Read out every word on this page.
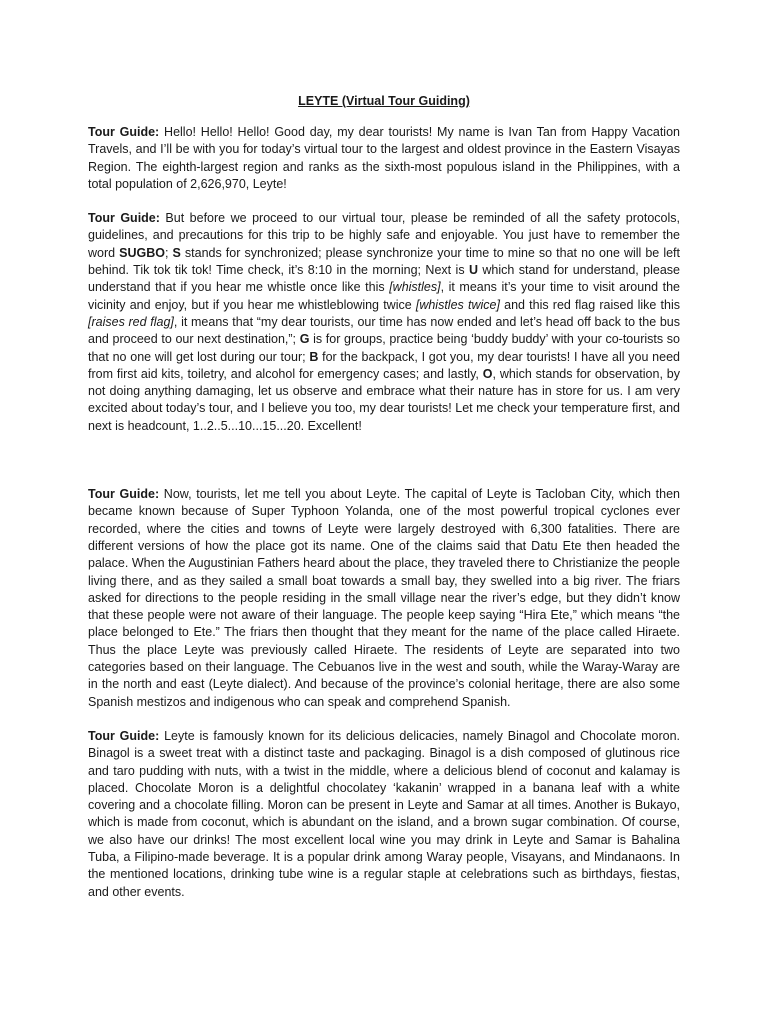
LEYTE (Virtual Tour Guiding)

Tour Guide: Hello! Hello! Hello! Good day, my dear tourists! My name is Ivan Tan from Happy Vacation Travels, and I’ll be with you for today’s virtual tour to the largest and oldest province in the Eastern Visayas Region. The eighth-largest region and ranks as the sixth-most populous island in the Philippines, with a total population of 2,626,970, Leyte!

Tour Guide: But before we proceed to our virtual tour, please be reminded of all the safety protocols, guidelines, and precautions for this trip to be highly safe and enjoyable. You just have to remember the word SUGBO; S stands for synchronized; please synchronize your time to mine so that no one will be left behind. Tik tok tik tok! Time check, it’s 8:10 in the morning; Next is U which stand for understand, please understand that if you hear me whistle once like this [whistles], it means it’s your time to visit around the vicinity and enjoy, but if you hear me whistleblowing twice [whistles twice] and this red flag raised like this [raises red flag], it means that “my dear tourists, our time has now ended and let’s head off back to the bus and proceed to our next destination,”; G is for groups, practice being ‘buddy buddy’ with your co-tourists so that no one will get lost during our tour; B for the backpack, I got you, my dear tourists! I have all you need from first aid kits, toiletry, and alcohol for emergency cases; and lastly, O, which stands for observation, by not doing anything damaging, let us observe and embrace what their nature has in store for us. I am very excited about today’s tour, and I believe you too, my dear tourists! Let me check your temperature first, and next is headcount, 1..2..5...10...15...20. Excellent!

Tour Guide: Now, tourists, let me tell you about Leyte. The capital of Leyte is Tacloban City, which then became known because of Super Typhoon Yolanda, one of the most powerful tropical cyclones ever recorded, where the cities and towns of Leyte were largely destroyed with 6,300 fatalities. There are different versions of how the place got its name. One of the claims said that Datu Ete then headed the palace. When the Augustinian Fathers heard about the place, they traveled there to Christianize the people living there, and as they sailed a small boat towards a small bay, they swelled into a big river. The friars asked for directions to the people residing in the small village near the river’s edge, but they didn’t know that these people were not aware of their language. The people keep saying “Hira Ete,” which means “the place belonged to Ete.” The friars then thought that they meant for the name of the place called Hiraete. Thus the place Leyte was previously called Hiraete. The residents of Leyte are separated into two categories based on their language. The Cebuanos live in the west and south, while the Waray-Waray are in the north and east (Leyte dialect). And because of the province’s colonial heritage, there are also some Spanish mestizos and indigenous who can speak and comprehend Spanish.

Tour Guide: Leyte is famously known for its delicious delicacies, namely Binagol and Chocolate moron. Binagol is a sweet treat with a distinct taste and packaging. Binagol is a dish composed of glutinous rice and taro pudding with nuts, with a twist in the middle, where a delicious blend of coconut and kalamay is placed. Chocolate Moron is a delightful chocolatey ‘kakanin’ wrapped in a banana leaf with a white covering and a chocolate filling. Moron can be present in Leyte and Samar at all times. Another is Bukayo, which is made from coconut, which is abundant on the island, and a brown sugar combination. Of course, we also have our drinks! The most excellent local wine you may drink in Leyte and Samar is Bahalina Tuba, a Filipino-made beverage. It is a popular drink among Waray people, Visayans, and Mindanaons. In the mentioned locations, drinking tube wine is a regular staple at celebrations such as birthdays, fiestas, and other events.
